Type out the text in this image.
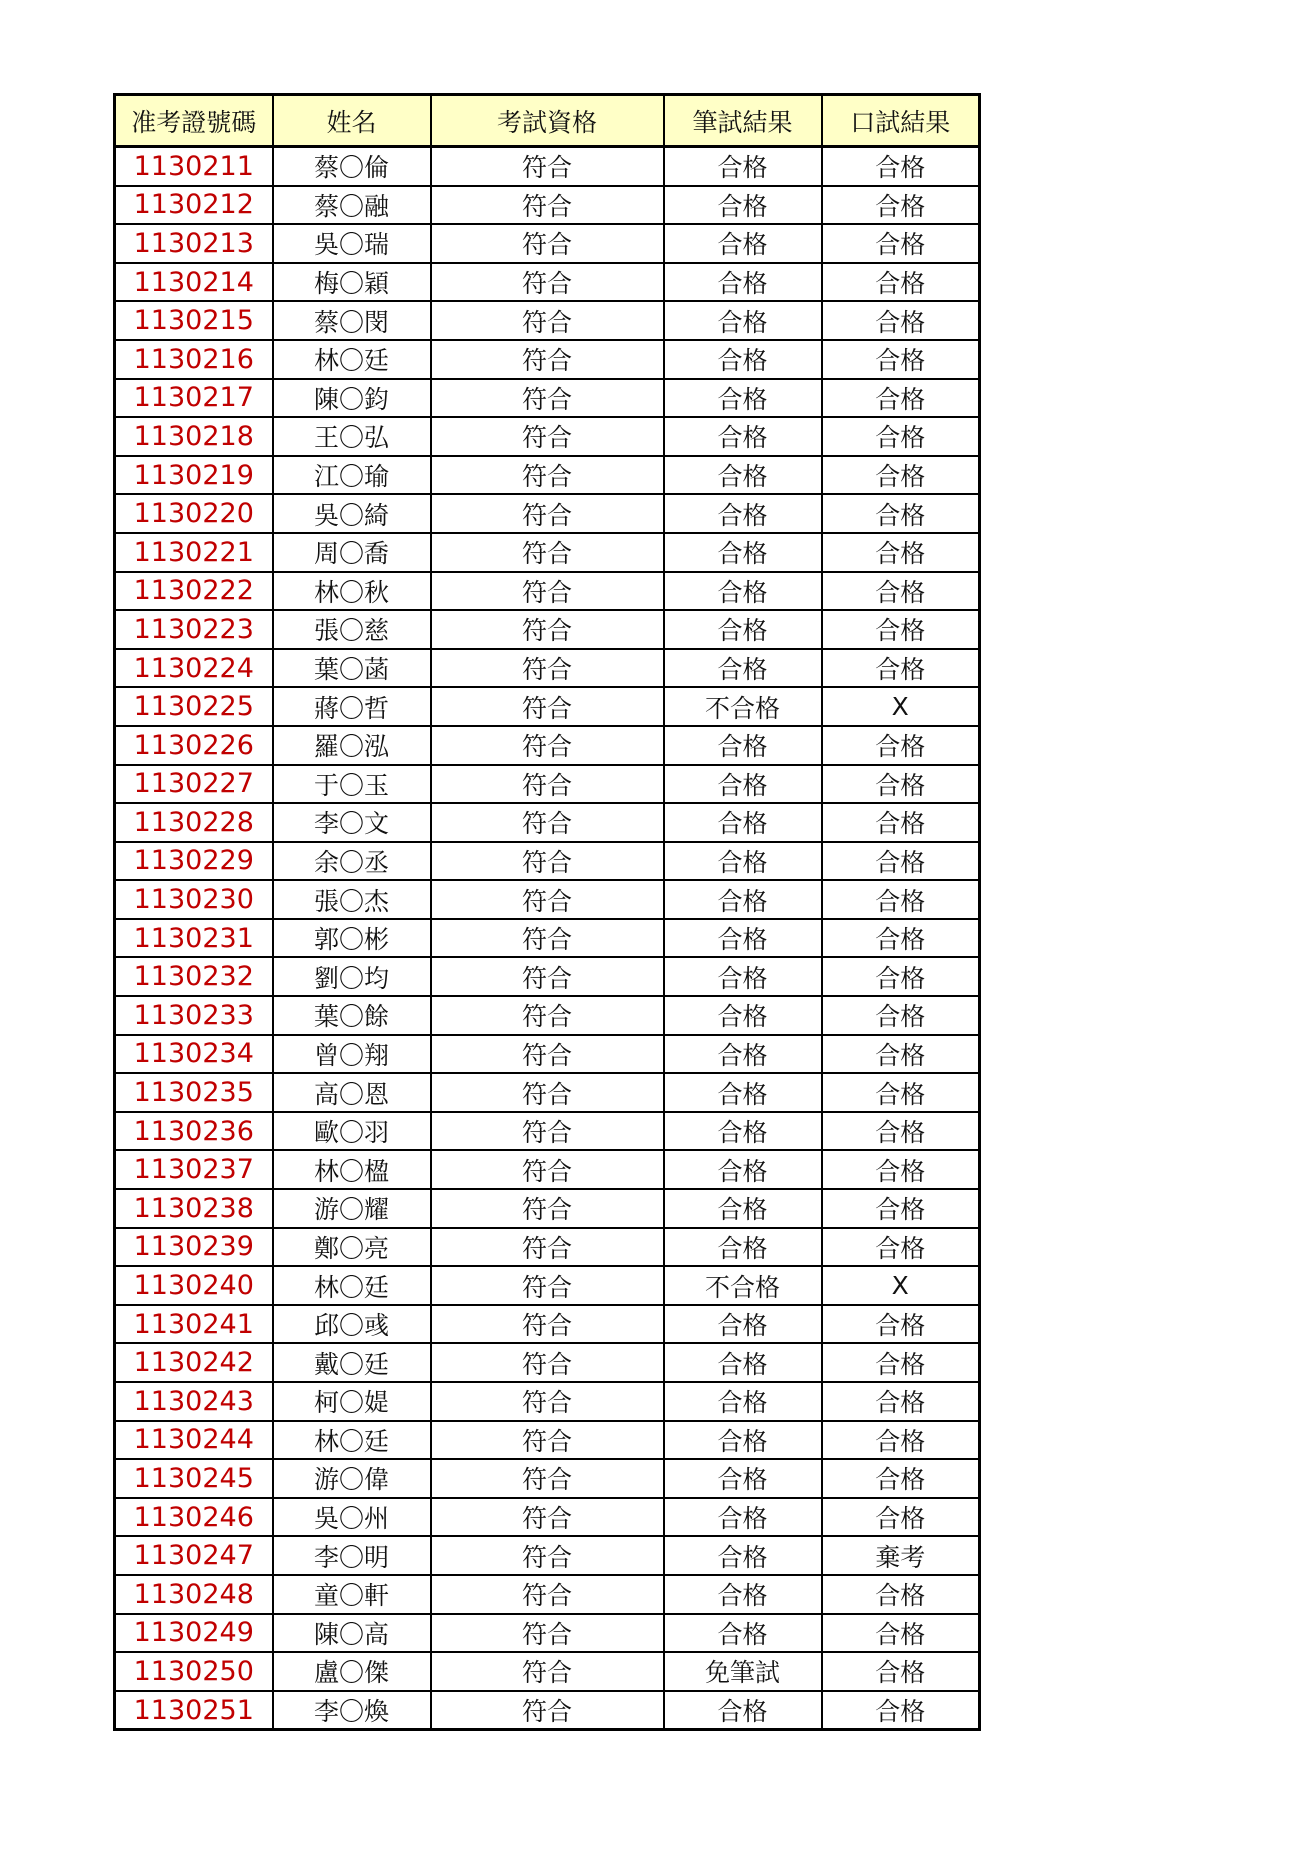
准考證號碼	姓名	考試資格	筆試結果	口試結果
1130211	蔡〇倫	符合	合格	合格
1130212	蔡〇融	符合	合格	合格
1130213	吳〇瑞	符合	合格	合格
1130214	梅〇穎	符合	合格	合格
1130215	蔡〇閔	符合	合格	合格
1130216	林〇廷	符合	合格	合格
1130217	陳〇鈞	符合	合格	合格
1130218	王〇弘	符合	合格	合格
1130219	江〇瑜	符合	合格	合格
1130220	吳〇綺	符合	合格	合格
1130221	周〇喬	符合	合格	合格
1130222	林〇秋	符合	合格	合格
1130223	張〇慈	符合	合格	合格
1130224	葉〇菡	符合	合格	合格
1130225	蔣〇哲	符合	不合格	X
1130226	羅〇泓	符合	合格	合格
1130227	于〇玉	符合	合格	合格
1130228	李〇文	符合	合格	合格
1130229	余〇丞	符合	合格	合格
1130230	張〇杰	符合	合格	合格
1130231	郭〇彬	符合	合格	合格
1130232	劉〇均	符合	合格	合格
1130233	葉〇餘	符合	合格	合格
1130234	曾〇翔	符合	合格	合格
1130235	高〇恩	符合	合格	合格
1130236	歐〇羽	符合	合格	合格
1130237	林〇楹	符合	合格	合格
1130238	游〇耀	符合	合格	合格
1130239	鄭〇亮	符合	合格	合格
1130240	林〇廷	符合	不合格	X
1130241	邱〇彧	符合	合格	合格
1130242	戴〇廷	符合	合格	合格
1130243	柯〇媞	符合	合格	合格
1130244	林〇廷	符合	合格	合格
1130245	游〇偉	符合	合格	合格
1130246	吳〇州	符合	合格	合格
1130247	李〇明	符合	合格	棄考
1130248	童〇軒	符合	合格	合格
1130249	陳〇高	符合	合格	合格
1130250	盧〇傑	符合	免筆試	合格
1130251	李〇煥	符合	合格	合格
